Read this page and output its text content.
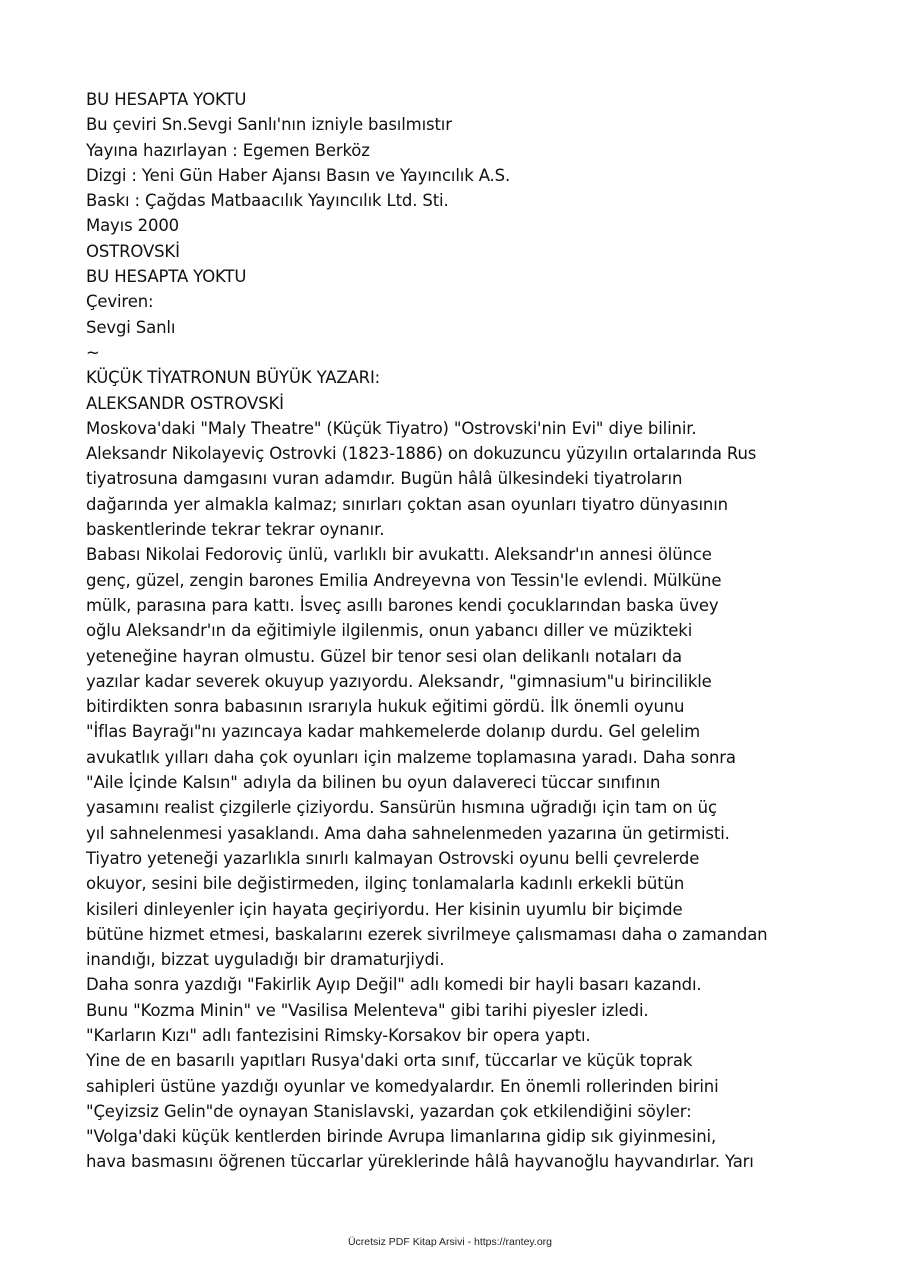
BU HESAPTA YOKTU
Bu çeviri Sn.Sevgi Sanlı'nın izniyle basılmıstır
Yayına hazırlayan : Egemen Berköz
Dizgi : Yeni Gün Haber Ajansı Basın ve Yayıncılık A.S.
Baskı : Çağdas Matbaacılık Yayıncılık Ltd. Sti.
Mayıs 2000
OSTROVSKİ
BU HESAPTA YOKTU
Çeviren:
Sevgi Sanlı
~
KÜÇÜK TİYATRONUN BÜYÜK YAZARI:
ALEKSANDR OSTROVSKİ
Moskova'daki "Maly Theatre" (Küçük Tiyatro) "Ostrovski'nin Evi" diye bilinir.
Aleksandr Nikolayeviç Ostrovki (1823-1886) on dokuzuncu yüzyılın ortalarında Rus
tiyatrosuna damgasını vuran adamdır. Bugün hâlâ ülkesindeki tiyatroların
dağarında yer almakla kalmaz; sınırları çoktan asan oyunları tiyatro dünyasının
baskentlerinde tekrar tekrar oynanır.
Babası Nikolai Fedoroviç ünlü, varlıklı bir avukattı. Aleksandr'ın annesi ölünce
genç, güzel, zengin barones Emilia Andreyevna von Tessin'le evlendi. Mülküne
mülk, parasına para kattı. İsveç asıllı barones kendi çocuklarından baska üvey
oğlu Aleksandr'ın da eğitimiyle ilgilenmis, onun yabancı diller ve müzikteki
yeteneğine hayran olmustu. Güzel bir tenor sesi olan delikanlı notaları da
yazılar kadar severek okuyup yazıyordu. Aleksandr, "gimnasium"u birincilikle
bitirdikten sonra babasının ısrarıyla hukuk eğitimi gördü. İlk önemli oyunu
"İflas Bayrağı"nı yazıncaya kadar mahkemelerde dolanıp durdu. Gel gelelim
avukatlık yılları daha çok oyunları için malzeme toplamasına yaradı. Daha sonra
"Aile İçinde Kalsın" adıyla da bilinen bu oyun dalavereci tüccar sınıfının
yasamını realist çizgilerle çiziyordu. Sansürün hısmına uğradığı için tam on üç
yıl sahnelenmesi yasaklandı. Ama daha sahnelenmeden yazarına ün getirmisti.
Tiyatro yeteneği yazarlıkla sınırlı kalmayan Ostrovski oyunu belli çevrelerde
okuyor, sesini bile değistirmeden, ilginç tonlamalarla kadınlı erkekli bütün
kisileri dinleyenler için hayata geçiriyordu. Her kisinin uyumlu bir biçimde
bütüne hizmet etmesi, baskalarını ezerek sivrilmeye çalısmaması daha o zamandan
inandığı, bizzat uyguladığı bir dramaturjiydi.
Daha sonra yazdığı "Fakirlik Ayıp Değil" adlı komedi bir hayli basarı kazandı.
Bunu "Kozma Minin" ve "Vasilisa Melenteva" gibi tarihi piyesler izledi.
"Karların Kızı" adlı fantezisini Rimsky-Korsakov bir opera yaptı.
Yine de en basarılı yapıtları Rusya'daki orta sınıf, tüccarlar ve küçük toprak
sahipleri üstüne yazdığı oyunlar ve komedyalardır. En önemli rollerinden birini
"Çeyizsiz Gelin"de oynayan Stanislavski, yazardan çok etkilendiğini söyler:
"Volga'daki küçük kentlerden birinde Avrupa limanlarına gidip sık giyinmesini,
hava basmasını öğrenen tüccarlar yüreklerinde hâlâ hayvanoğlu hayvandırlar. Yarı
Ücretsiz PDF Kitap Arsivi - https://rantey.org
